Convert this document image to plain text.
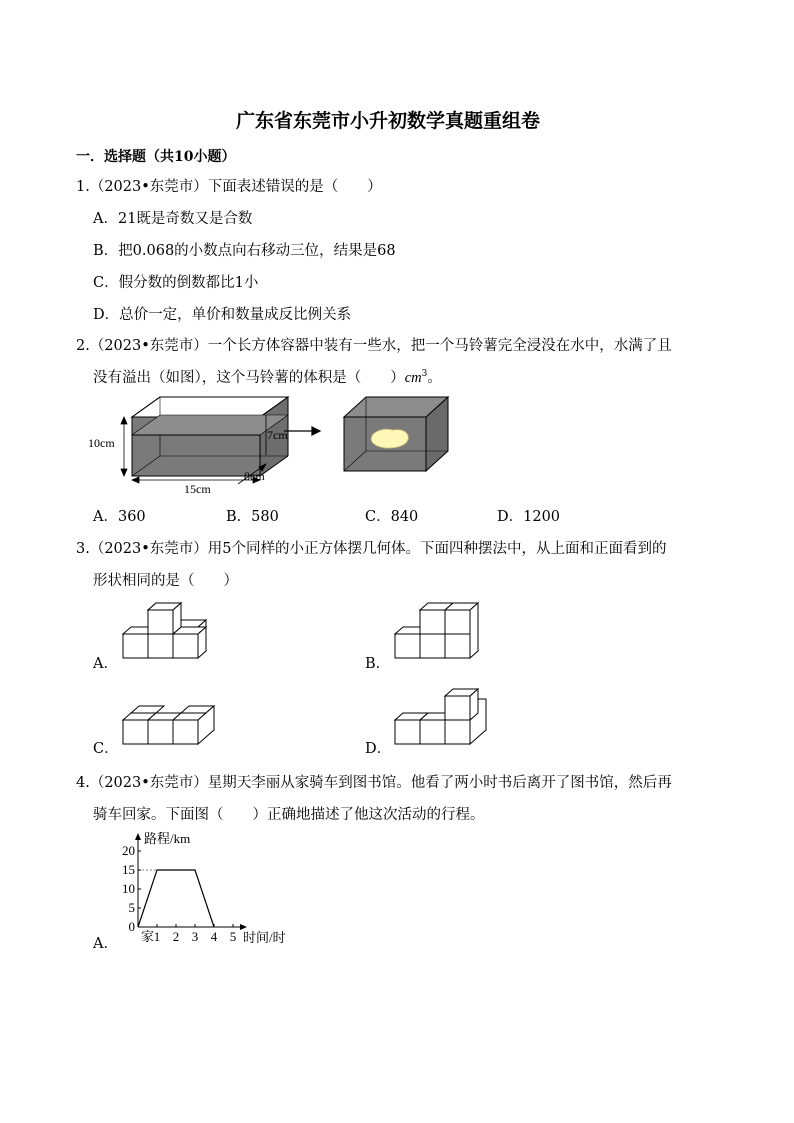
广东省东莞市小升初数学真题重组卷
一．选择题（共10小题）
1.（2023•东莞市）下面表述错误的是（　　）
A．21既是奇数又是合数
B．把0.068的小数点向右移动三位，结果是68
C．假分数的倒数都比1小
D．总价一定，单价和数量成反比例关系
2.（2023•东莞市）一个长方体容器中装有一些水，把一个马铃薯完全浸没在水中，水满了且
没有溢出（如图），这个马铃薯的体积是（　　）$cm^3$。
10cm
7cm
15cm
8cm
A．360	B．580	C．840	D．1200
3.（2023•东莞市）用5个同样的小正方体摆几何体。下面四种摆法中，从上面和正面看到的
形状相同的是（　　）
A．	B．
C．	D．
4.（2023•东莞市）星期天李丽从家骑车到图书馆。他看了两小时书后离开了图书馆，然后再
骑车回家。下面图（　　）正确地描述了他这次活动的行程。
A．
0
5
10
15
20
家 1 2 3 4 5
路程/km
时间/时
